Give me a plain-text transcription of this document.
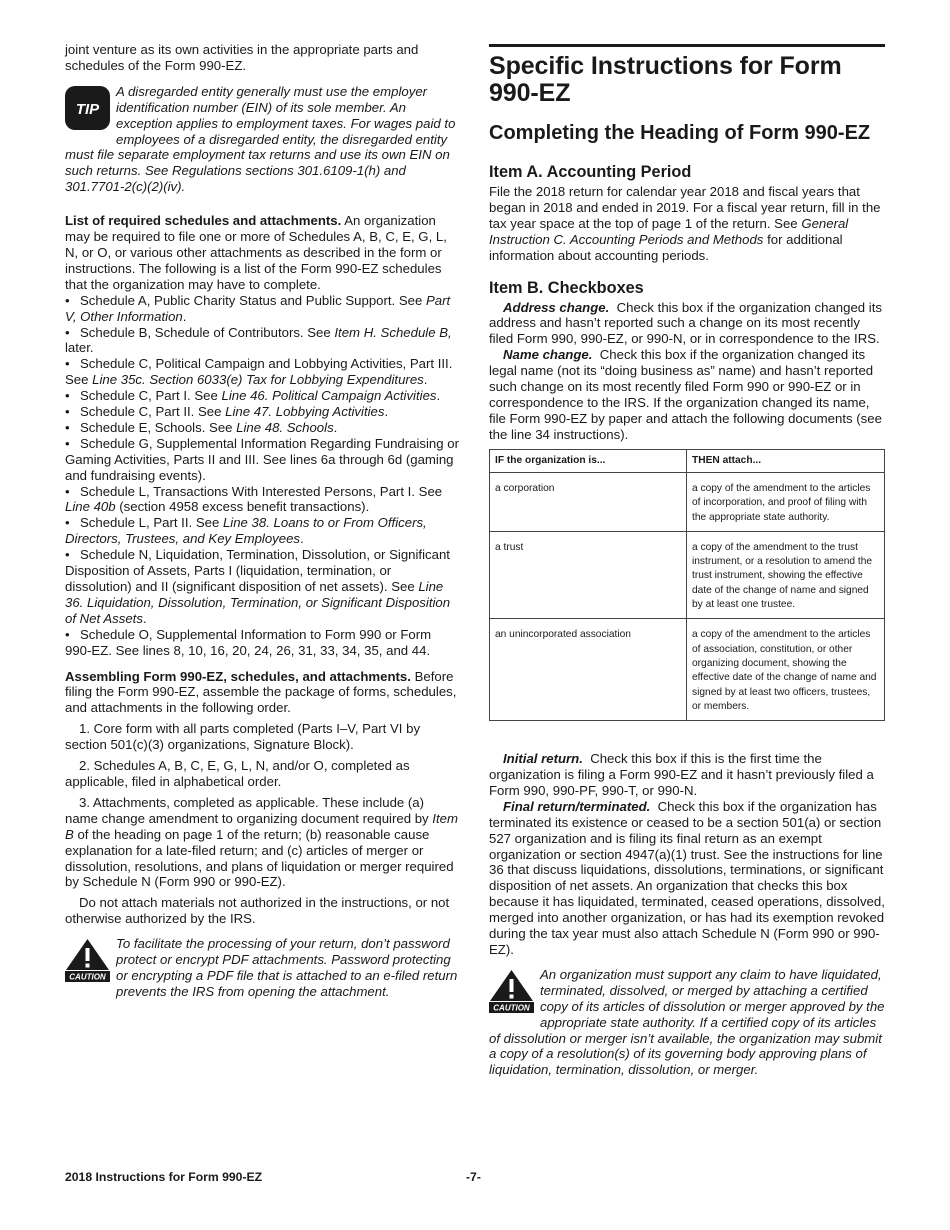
joint venture as its own activities in the appropriate parts and schedules of the Form 990-EZ.

TIP
A disregarded entity generally must use the employer identification number (EIN) of its sole member. An exception applies to employment taxes. For wages paid to employees of a disregarded entity, the disregarded entity must file separate employment tax returns and use its own EIN on such returns. See Regulations sections 301.6109-1(h) and 301.7701-2(c)(2)(iv).

List of required schedules and attachments. An organization may be required to file one or more of Schedules A, B, C, E, G, L, N, or O, or various other attachments as described in the form or instructions. The following is a list of the Form 990-EZ schedules that the organization may have to complete.

• Schedule A, Public Charity Status and Public Support. See Part V, Other Information.
• Schedule B, Schedule of Contributors. See Item H. Schedule B, later.
• Schedule C, Political Campaign and Lobbying Activities, Part III. See Line 35c. Section 6033(e) Tax for Lobbying Expenditures.
• Schedule C, Part I. See Line 46. Political Campaign Activities.
• Schedule C, Part II. See Line 47. Lobbying Activities.
• Schedule E, Schools. See Line 48. Schools.
• Schedule G, Supplemental Information Regarding Fundraising or Gaming Activities, Parts II and III. See lines 6a through 6d (gaming and fundraising events).
• Schedule L, Transactions With Interested Persons, Part I. See Line 40b (section 4958 excess benefit transactions).
• Schedule L, Part II. See Line 38. Loans to or From Officers, Directors, Trustees, and Key Employees.
• Schedule N, Liquidation, Termination, Dissolution, or Significant Disposition of Assets, Parts I (liquidation, termination, or dissolution) and II (significant disposition of net assets). See Line 36. Liquidation, Dissolution, Termination, or Significant Disposition of Net Assets.
• Schedule O, Supplemental Information to Form 990 or Form 990-EZ. See lines 8, 10, 16, 20, 24, 26, 31, 33, 34, 35, and 44.

Assembling Form 990-EZ, schedules, and attachments. Before filing the Form 990-EZ, assemble the package of forms, schedules, and attachments in the following order.

1. Core form with all parts completed (Parts I–V, Part VI by section 501(c)(3) organizations, Signature Block).

2. Schedules A, B, C, E, G, L, N, and/or O, completed as applicable, filed in alphabetical order.

3. Attachments, completed as applicable. These include (a) name change amendment to organizing document required by Item B of the heading on page 1 of the return; (b) reasonable cause explanation for a late-filed return; and (c) articles of merger or dissolution, resolutions, and plans of liquidation or merger required by Schedule N (Form 990 or 990-EZ).

Do not attach materials not authorized in the instructions, or not otherwise authorized by the IRS.

CAUTION
To facilitate the processing of your return, don’t password protect or encrypt PDF attachments. Password protecting or encrypting a PDF file that is attached to an e-filed return prevents the IRS from opening the attachment.
Specific Instructions for Form 990-EZ
Completing the Heading of Form 990-EZ
Item A. Accounting Period

File the 2018 return for calendar year 2018 and fiscal years that began in 2018 and ended in 2019. For a fiscal year return, fill in the tax year space at the top of page 1 of the return. See General Instruction C. Accounting Periods and Methods for additional information about accounting periods.

Item B. Checkboxes

Address change. Check this box if the organization changed its address and hasn’t reported such a change on its most recently filed Form 990, 990-EZ, or 990-N, or in correspondence to the IRS.

Name change. Check this box if the organization changed its legal name (not its “doing business as” name) and hasn’t reported such change on its most recently filed Form 990 or 990-EZ or in correspondence to the IRS. If the organization changed its name, file Form 990-EZ by paper and attach the following documents (see the line 34 instructions).

IF the organization is...	THEN attach...
a corporation	a copy of the amendment to the articles of incorporation, and proof of filing with the appropriate state authority.
a trust	a copy of the amendment to the trust instrument, or a resolution to amend the trust instrument, showing the effective date of the change of name and signed by at least one trustee.
an unincorporated association	a copy of the amendment to the articles of association, constitution, or other organizing document, showing the effective date of the change of name and signed by at least two officers, trustees, or members.

Initial return. Check this box if this is the first time the organization is filing a Form 990-EZ and it hasn’t previously filed a Form 990, 990-PF, 990-T, or 990-N.

Final return/terminated. Check this box if the organization has terminated its existence or ceased to be a section 501(a) or section 527 organization and is filing its final return as an exempt organization or section 4947(a)(1) trust. See the instructions for line 36 that discuss liquidations, dissolutions, terminations, or significant disposition of net assets. An organization that checks this box because it has liquidated, terminated, ceased operations, dissolved, merged into another organization, or has had its exemption revoked during the tax year must also attach Schedule N (Form 990 or 990-EZ).

CAUTION
An organization must support any claim to have liquidated, terminated, dissolved, or merged by attaching a certified copy of its articles of dissolution or merger approved by the appropriate state authority. If a certified copy of its articles of dissolution or merger isn’t available, the organization may submit a copy of a resolution(s) of its governing body approving plans of liquidation, termination, dissolution, or merger.
2018 Instructions for Form 990-EZ	-7-
